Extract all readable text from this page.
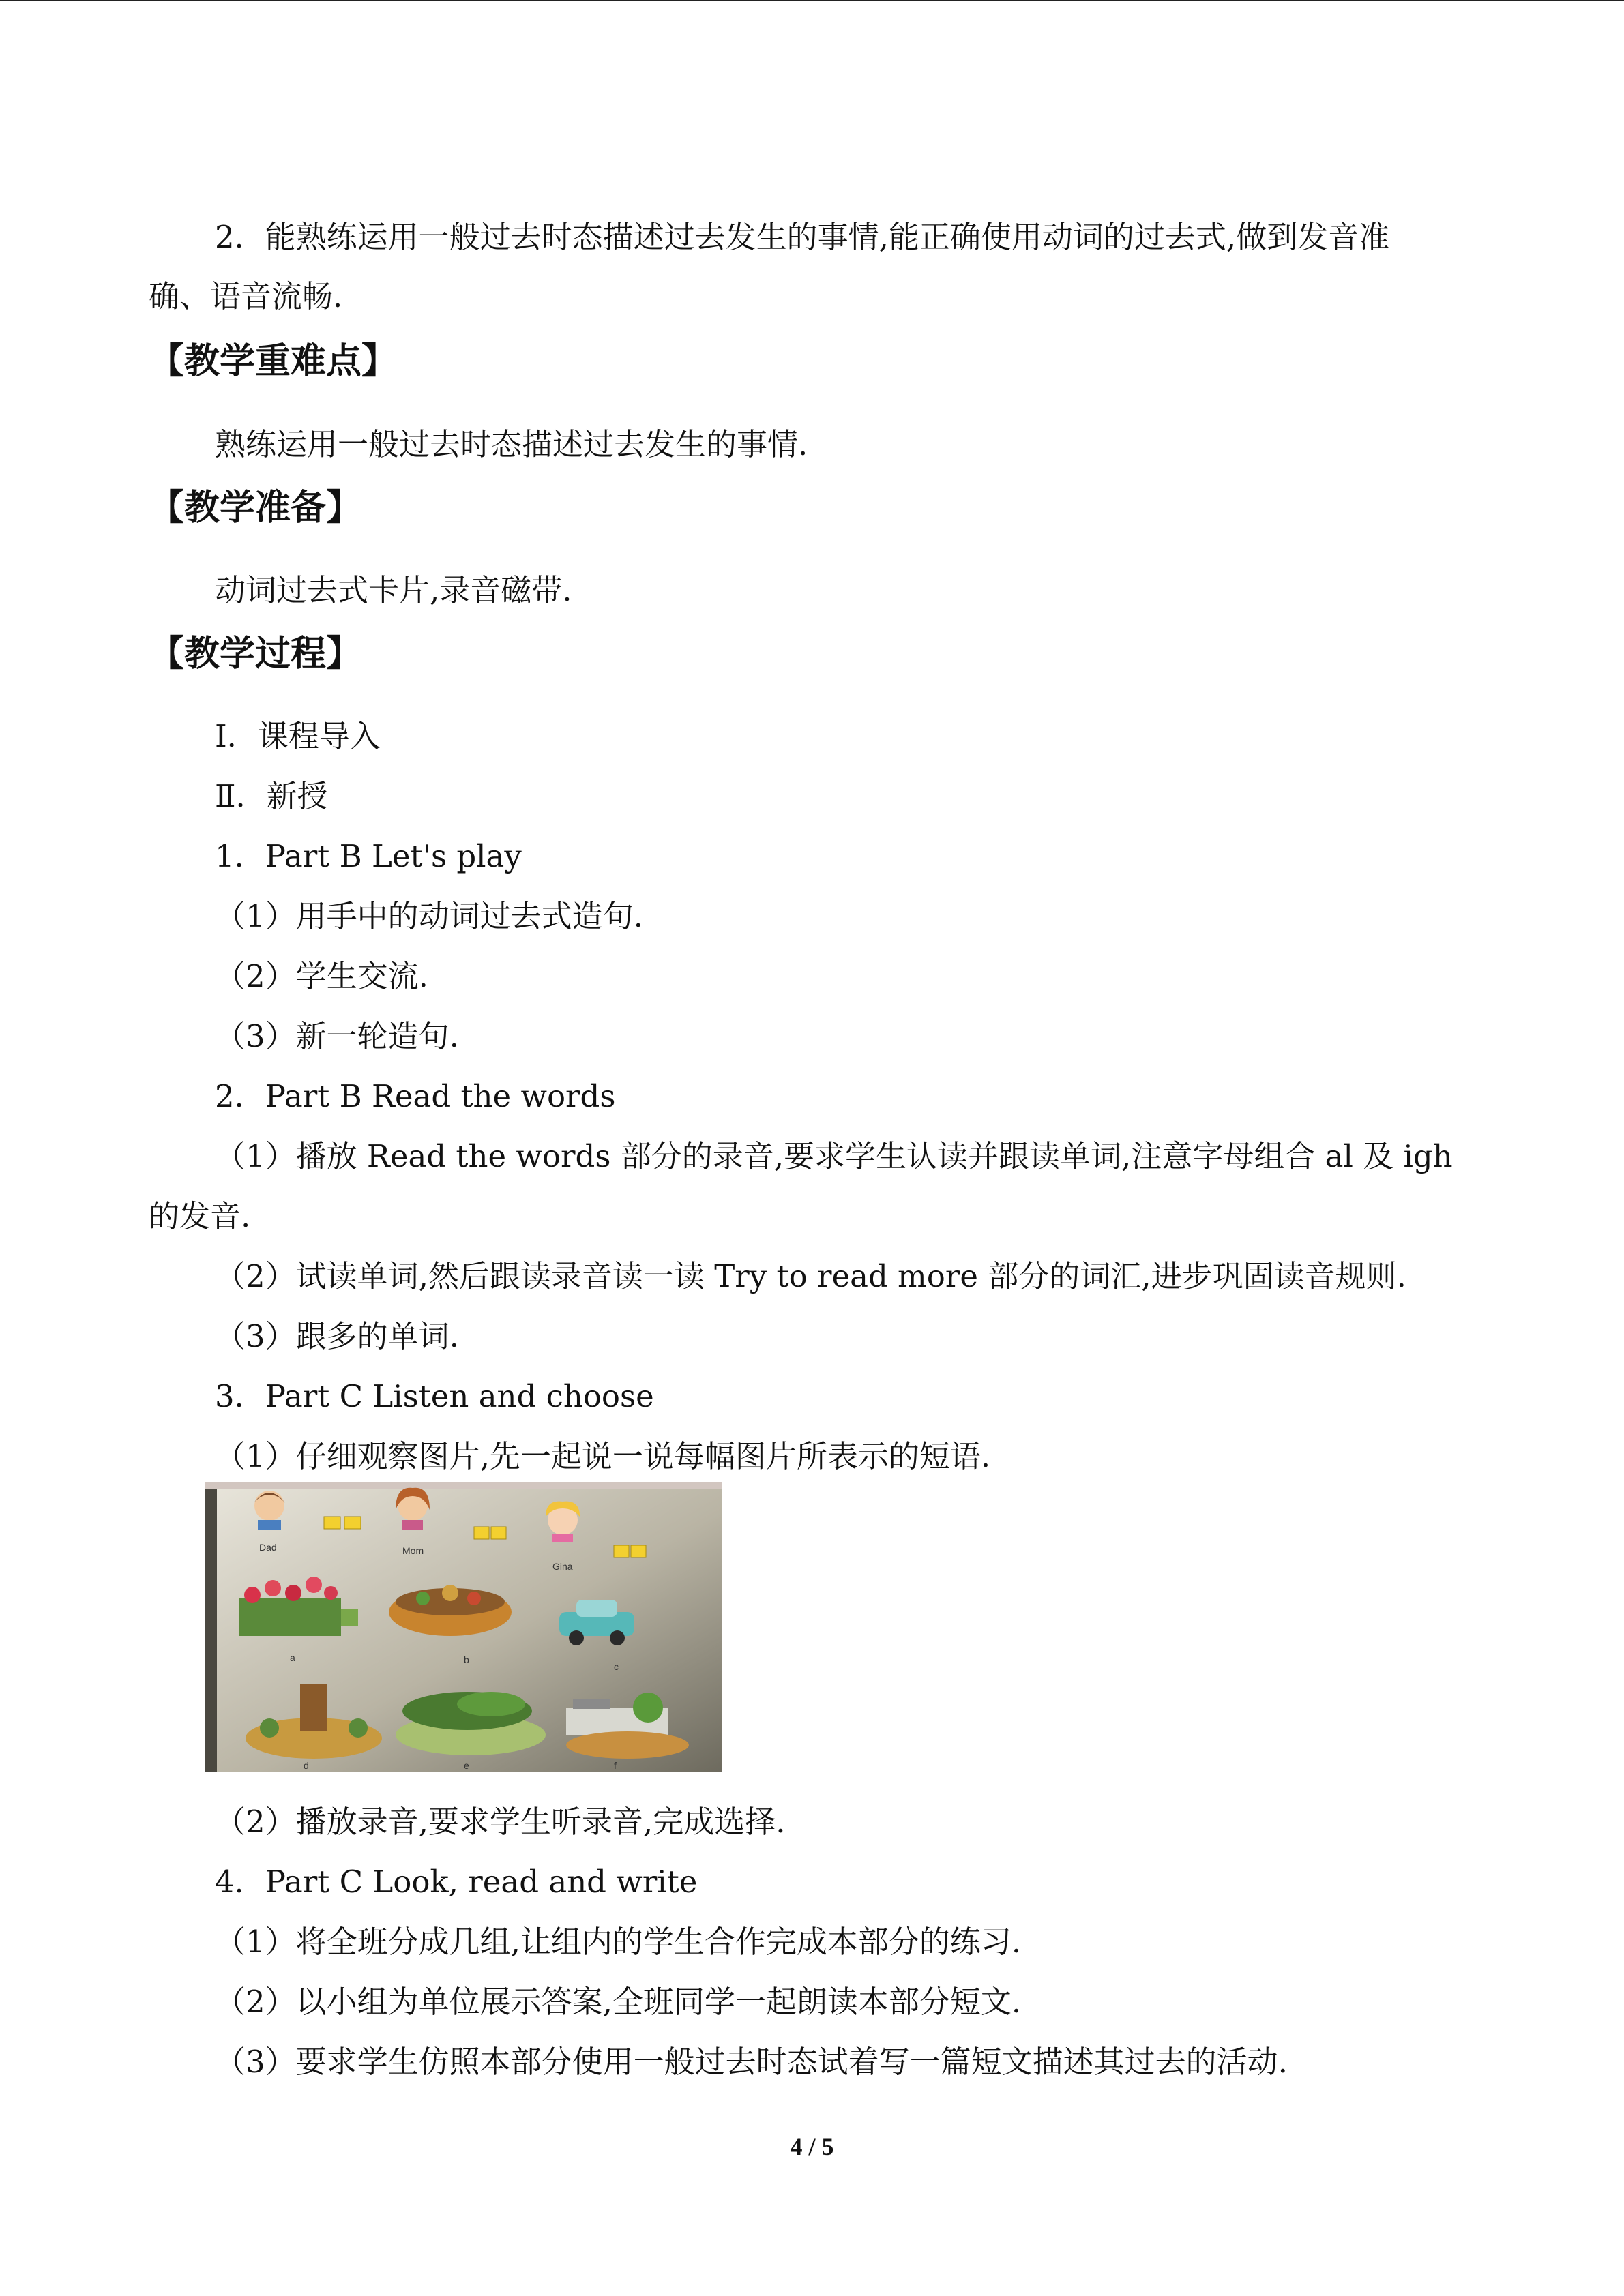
2．能熟练运用一般过去时态描述过去发生的事情,能正确使用动词的过去式,做到发音准
确、语音流畅.
【教学重难点】
熟练运用一般过去时态描述过去发生的事情.
【教学准备】
动词过去式卡片,录音磁带.
【教学过程】
Ⅰ．课程导入
Ⅱ．新授
1．Part B Let's play
（1）用手中的动词过去式造句.
（2）学生交流.
（3）新一轮造句.
2．Part B Read the words
（1）播放 Read the words 部分的录音,要求学生认读并跟读单词,注意字母组合 al 及 igh
的发音.
（2）试读单词,然后跟读录音读一读 Try to read more 部分的词汇,进步巩固读音规则.
（3）跟多的单词.
3．Part C Listen and choose
（1）仔细观察图片,先一起说一说每幅图片所表示的短语.
Dad	Mom
Gina
a	b
c
d	e	f
（2）播放录音,要求学生听录音,完成选择.
4．Part C Look, read and write
（1）将全班分成几组,让组内的学生合作完成本部分的练习.
（2）以小组为单位展示答案,全班同学一起朗读本部分短文.
（3）要求学生仿照本部分使用一般过去时态试着写一篇短文描述其过去的活动.
4 / 5
